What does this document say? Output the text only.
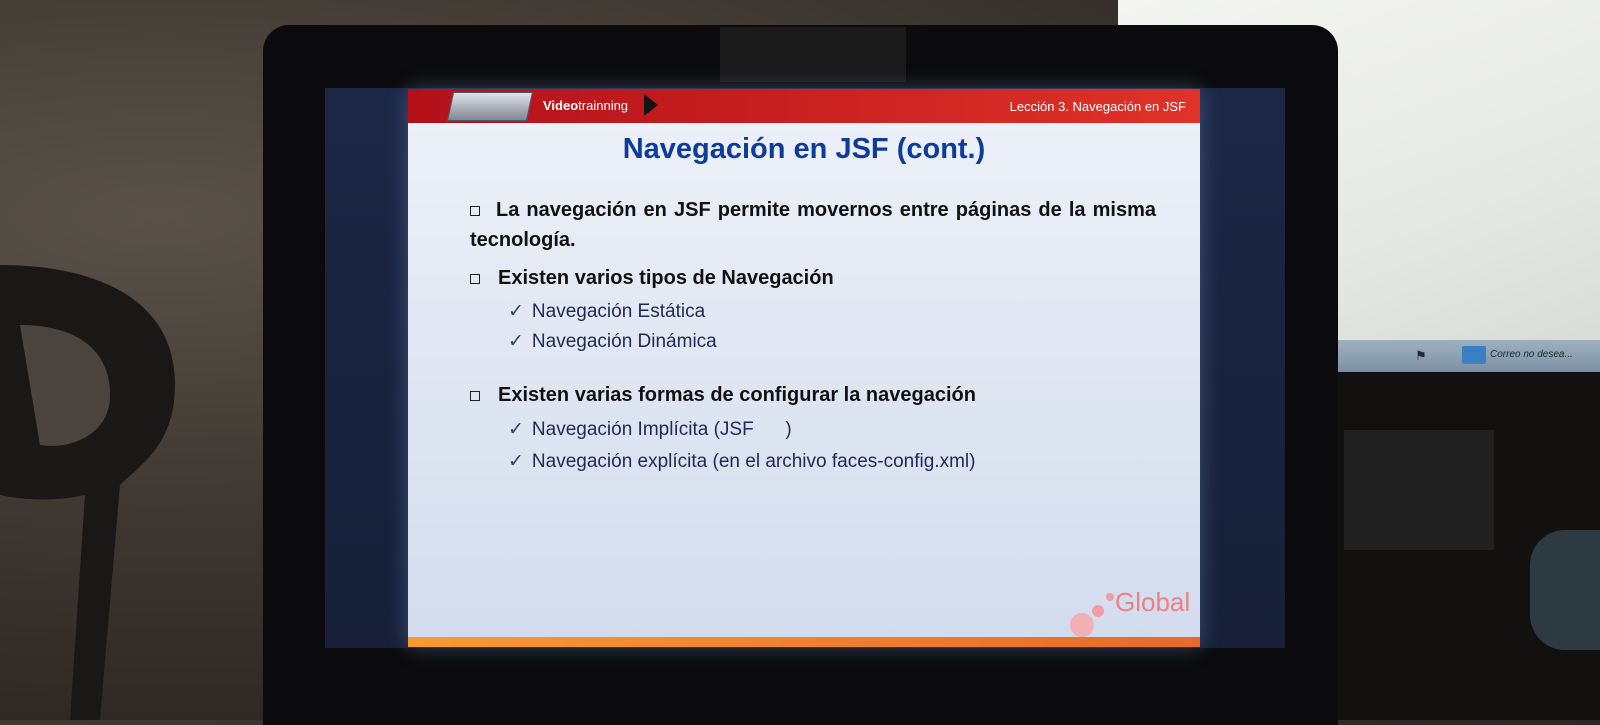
⚑	Correo no desea...
Videotrainning	Lección 3. Navegación en JSF
Navegación en JSF (cont.)
La navegación en JSF permite movernos entre páginas de la misma tecnología.
Existen varios tipos de Navegación
✓ Navegación Estática
✓ Navegación Dinámica
Existen varias formas de configurar la navegación
✓ Navegación Implícita (JSF      )
✓ Navegación explícita (en el archivo faces-config.xml)
Global
